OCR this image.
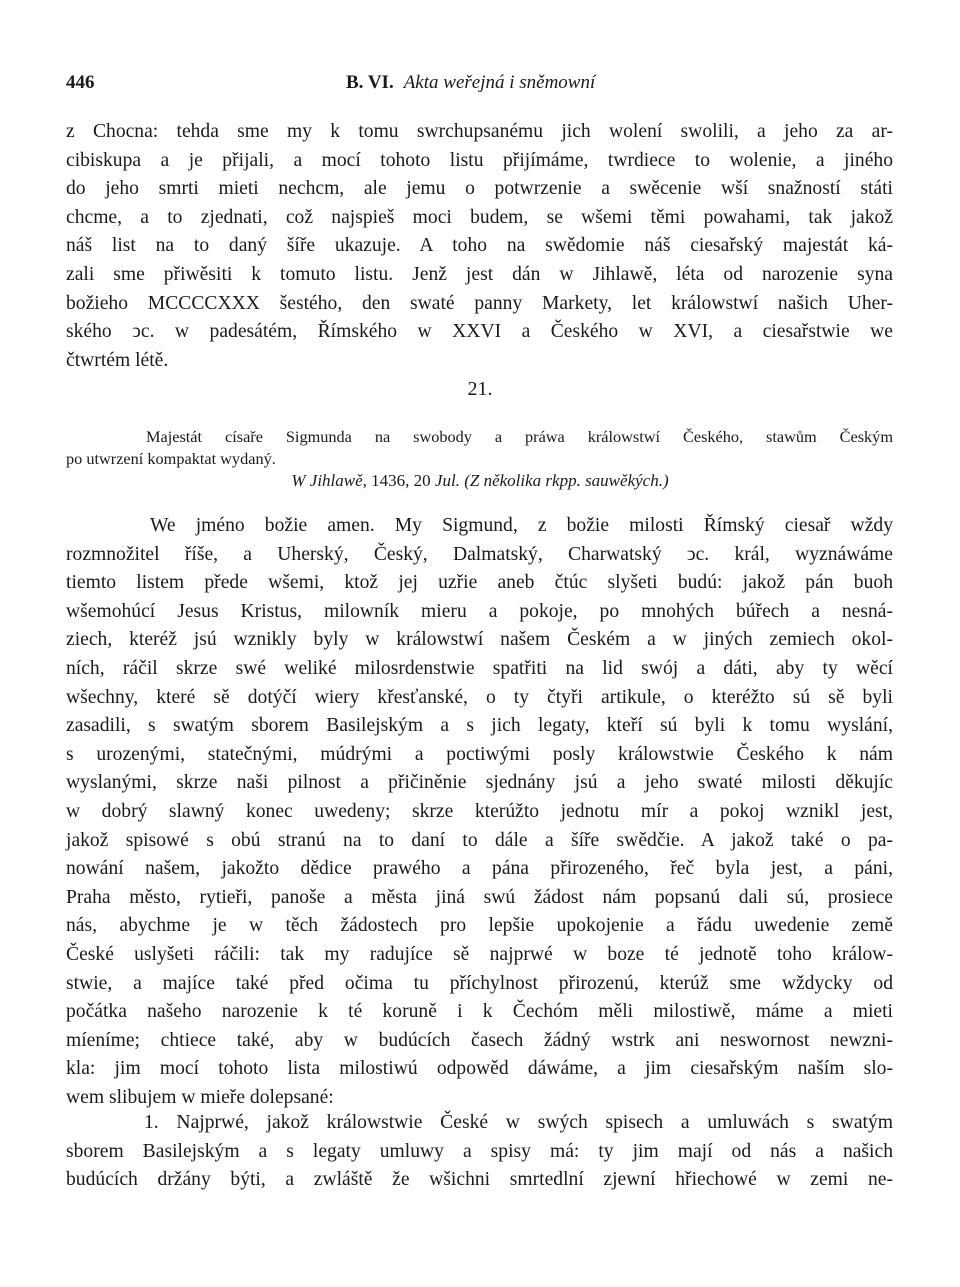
446	B. VI. Akta weřejná i sněmowní
z Chocna: tehda sme my k tomu swrchupsanému jich wolení swolili, a jeho za ar-
cibiskupa a je přijali, a mocí tohoto listu přijímáme, twrdiece to wolenie, a jiného
do jeho smrti mieti nechcm, ale jemu o potwrzenie a swěcenie wší snažností státi
chcme, a to zjednati, což najspieš moci budem, se wšemi těmi powahami, tak jakož
náš list na to daný šíře ukazuje. A toho na swědomie náš ciesařský majestát ká-
zali sme přiwěsiti k tomuto listu. Jenž jest dán w Jihlawě, léta od narozenie syna
božieho MCCCCXXX šestého, den swaté panny Markety, let králowstwí našich Uher-
ského ͻc. w padesátém, Římského w XXVI a Českého w XVI, a ciesařstwie we
čtwrtém létě.
21.
Majestát císaře Sigmunda na swobody a práwa králowstwí Českého, stawům Českým
po utwrzení kompaktat wydaný.
W Jihlawě, 1436, 20 Jul. (Z několika rkpp. sauwěkých.)
We jméno božie amen. My Sigmund, z božie milosti Římský ciesař wždy
rozmnožitel říše, a Uherský, Český, Dalmatský, Charwatský ͻc. král, wyznáwáme
tiemto listem přede wšemi, ktož jej uzřie aneb čtúc slyšeti budú: jakož pán buoh
wšemohúcí Jesus Kristus, milowník mieru a pokoje, po mnohých búřech a nesná-
ziech, kteréž jsú wznikly byly w králowstwí našem Českém a w jiných zemiech okol-
ních, ráčil skrze swé weliké milosrdenstwie spatřiti na lid swój a dáti, aby ty wěcí
wšechny, které sě dotýčí wiery křesťanské, o ty čtyři artikule, o kteréžto sú sě byli
zasadili, s swatým sborem Basilejským a s jich legaty, kteří sú byli k tomu wyslání,
s urozenými, statečnými, múdrými a poctiwými posly králowstwie Českého k nám
wyslanými, skrze naši pilnost a přičiněnie sjednány jsú a jeho swaté milosti děkujíc
w dobrý slawný konec uwedeny; skrze kterúžto jednotu mír a pokoj wznikl jest,
jakož spisowé s obú stranú na to daní to dále a šíře swědčie. A jakož také o pa-
nowání našem, jakožto dědice prawého a pána přirozeného, řeč byla jest, a páni,
Praha město, rytieři, panoše a města jiná swú žádost nám popsanú dali sú, prosiece
nás, abychme je w těch žádostech pro lepšie upokojenie a řádu uwedenie země
České uslyšeti ráčili: tak my radujíce sě najprwé w boze té jednotě toho králow-
stwie, a majíce také před očima tu příchylnost přirozenú, kterúž sme wždycky od
počátka našeho narozenie k té koruně i k Čechóm měli milostiwě, máme a mieti
míeníme; chtiece také, aby w budúcích časech žádný wstrk ani neswornost newzni-
kla: jim mocí tohoto lista milostiwú odpowěd dáwáme, a jim ciesařským naším slo-
wem slibujem w mieře dolepsané:
1. Najprwé, jakož králowstwie České w swých spisech a umluwách s swatým
sborem Basilejským a s legaty umluwy a spisy má: ty jim mají od nás a našich
budúcích držány býti, a zwláště že wšichni smrtedlní zjewní hřiechowé w zemi ne-
